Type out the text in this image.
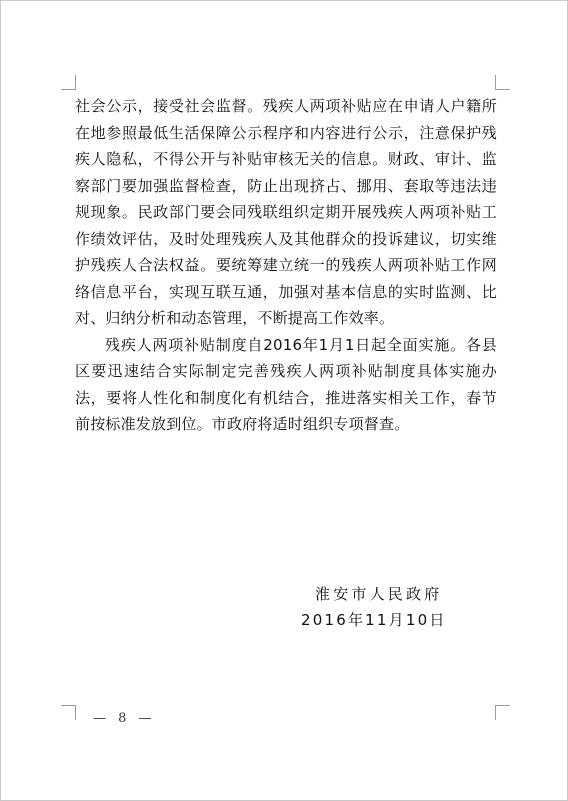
社会公示，接受社会监督。残疾人两项补贴应在申请人户籍所在地参照最低生活保障公示程序和内容进行公示，注意保护残疾人隐私，不得公开与补贴审核无关的信息。财政、审计、监察部门要加强监督检查，防止出现挤占、挪用、套取等违法违规现象。民政部门要会同残联组织定期开展残疾人两项补贴工作绩效评估，及时处理残疾人及其他群众的投诉建议，切实维护残疾人合法权益。要统筹建立统一的残疾人两项补贴工作网络信息平台，实现互联互通，加强对基本信息的实时监测、比对、归纳分析和动态管理，不断提高工作效率。

残疾人两项补贴制度自2016年1月1日起全面实施。各县区要迅速结合实际制定完善残疾人两项补贴制度具体实施办法，要将人性化和制度化有机结合，推进落实相关工作，春节前按标准发放到位。市政府将适时组织专项督查。

淮安市人民政府
2016年11月10日
— 8 —
